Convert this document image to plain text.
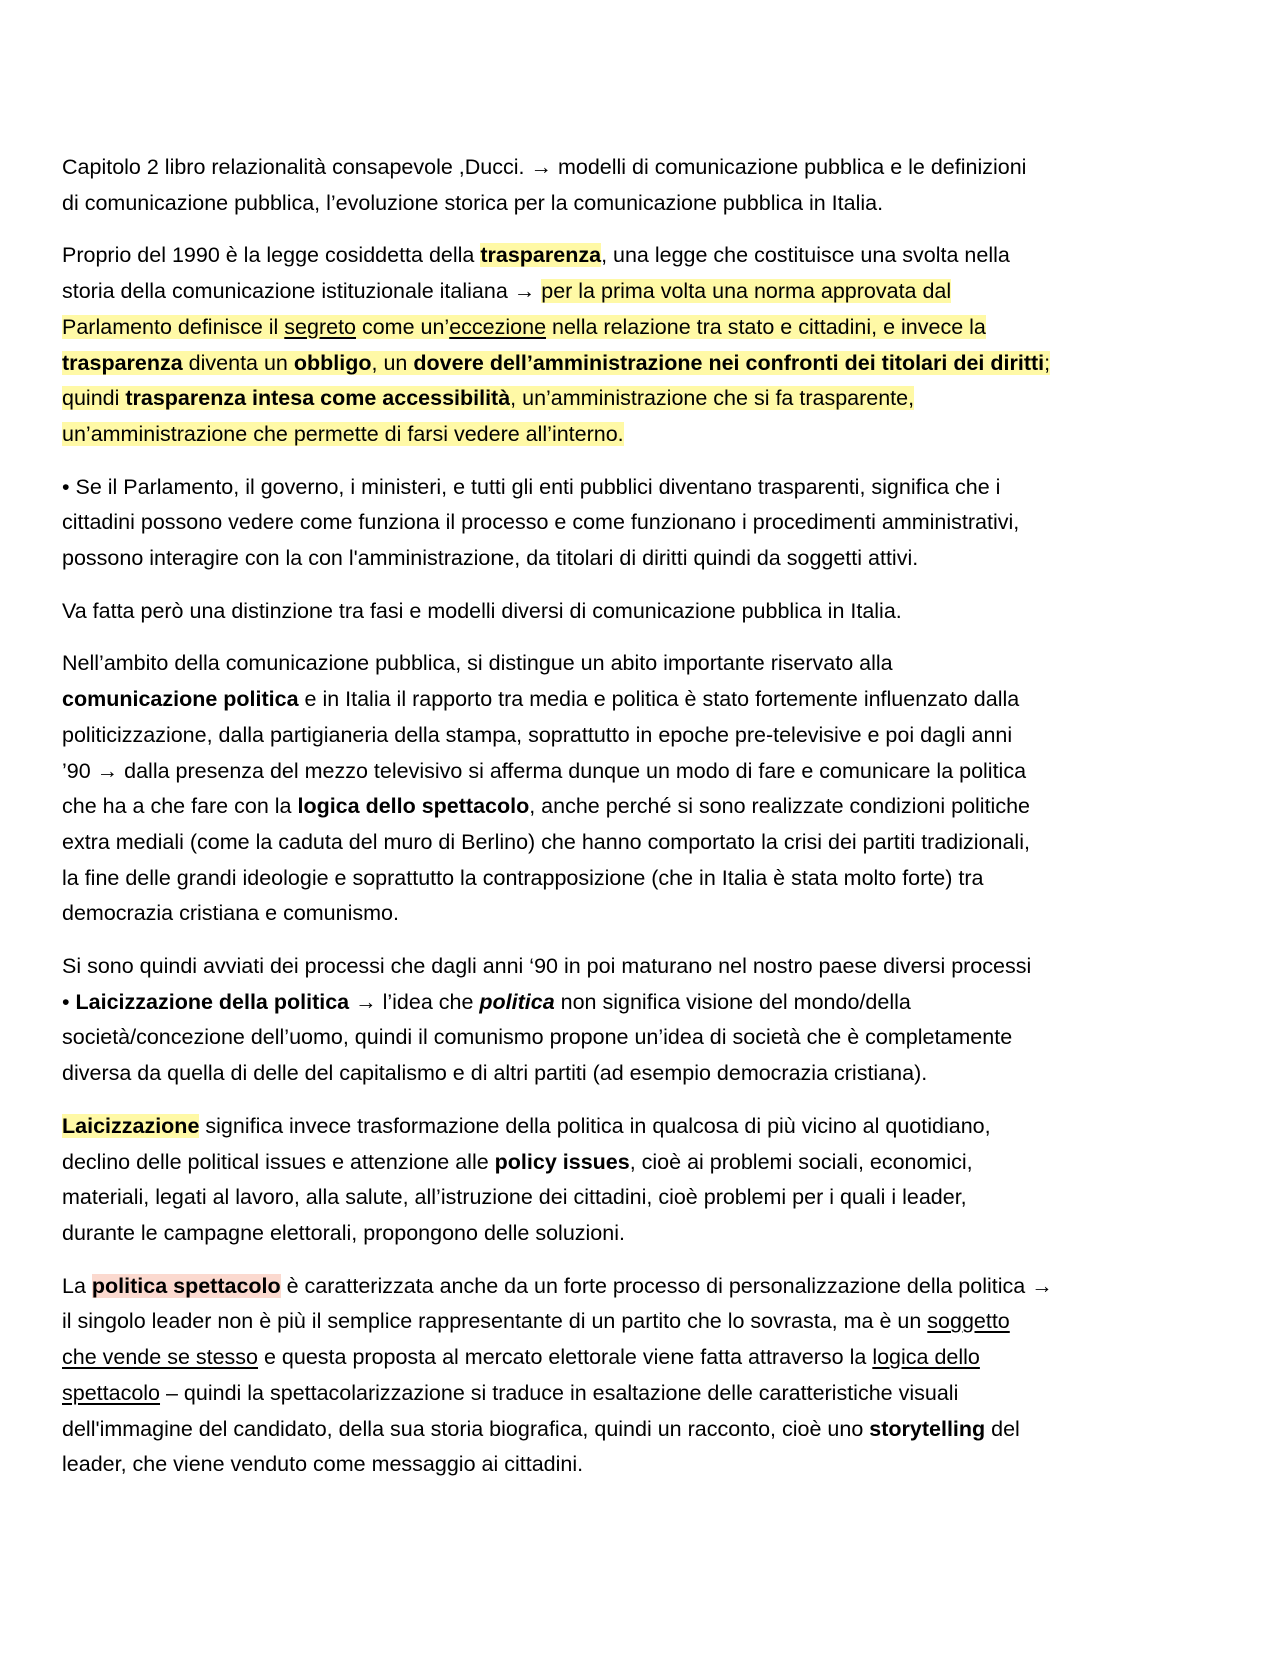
Capitolo 2 libro relazionalità consapevole ,Ducci. → modelli di comunicazione pubblica e le definizioni
di comunicazione pubblica, l’evoluzione storica per la comunicazione pubblica in Italia.
Proprio del 1990 è la legge cosiddetta della trasparenza, una legge che costituisce una svolta nella
storia della comunicazione istituzionale italiana → per la prima volta una norma approvata dal
Parlamento definisce il segreto come un’eccezione nella relazione tra stato e cittadini, e invece la
trasparenza diventa un obbligo, un dovere dell’amministrazione nei confronti dei titolari dei diritti;
quindi trasparenza intesa come accessibilità, un’amministrazione che si fa trasparente,
un’amministrazione che permette di farsi vedere all’interno.
• Se il Parlamento, il governo, i ministeri, e tutti gli enti pubblici diventano trasparenti, significa che i
cittadini possono vedere come funziona il processo e come funzionano i procedimenti amministrativi,
possono interagire con la con l'amministrazione, da titolari di diritti quindi da soggetti attivi.
Va fatta però una distinzione tra fasi e modelli diversi di comunicazione pubblica in Italia.
Nell’ambito della comunicazione pubblica, si distingue un abito importante riservato alla
comunicazione politica e in Italia il rapporto tra media e politica è stato fortemente influenzato dalla
politicizzazione, dalla partigianeria della stampa, soprattutto in epoche pre-televisive e poi dagli anni
’90 → dalla presenza del mezzo televisivo si afferma dunque un modo di fare e comunicare la politica
che ha a che fare con la logica dello spettacolo, anche perché si sono realizzate condizioni politiche
extra mediali (come la caduta del muro di Berlino) che hanno comportato la crisi dei partiti tradizionali,
la fine delle grandi ideologie e soprattutto la contrapposizione (che in Italia è stata molto forte) tra
democrazia cristiana e comunismo.
Si sono quindi avviati dei processi che dagli anni ‘90 in poi maturano nel nostro paese diversi processi
• Laicizzazione della politica → l’idea che politica non significa visione del mondo/della
società/concezione dell’uomo, quindi il comunismo propone un’idea di società che è completamente
diversa da quella di delle del capitalismo e di altri partiti (ad esempio democrazia cristiana).
Laicizzazione significa invece trasformazione della politica in qualcosa di più vicino al quotidiano,
declino delle political issues e attenzione alle policy issues, cioè ai problemi sociali, economici,
materiali, legati al lavoro, alla salute, all’istruzione dei cittadini, cioè problemi per i quali i leader,
durante le campagne elettorali, propongono delle soluzioni.
La politica spettacolo è caratterizzata anche da un forte processo di personalizzazione della politica →
il singolo leader non è più il semplice rappresentante di un partito che lo sovrasta, ma è un soggetto
che vende se stesso e questa proposta al mercato elettorale viene fatta attraverso la logica dello
spettacolo – quindi la spettacolarizzazione si traduce in esaltazione delle caratteristiche visuali
dell'immagine del candidato, della sua storia biografica, quindi un racconto, cioè uno storytelling del
leader, che viene venduto come messaggio ai cittadini.
